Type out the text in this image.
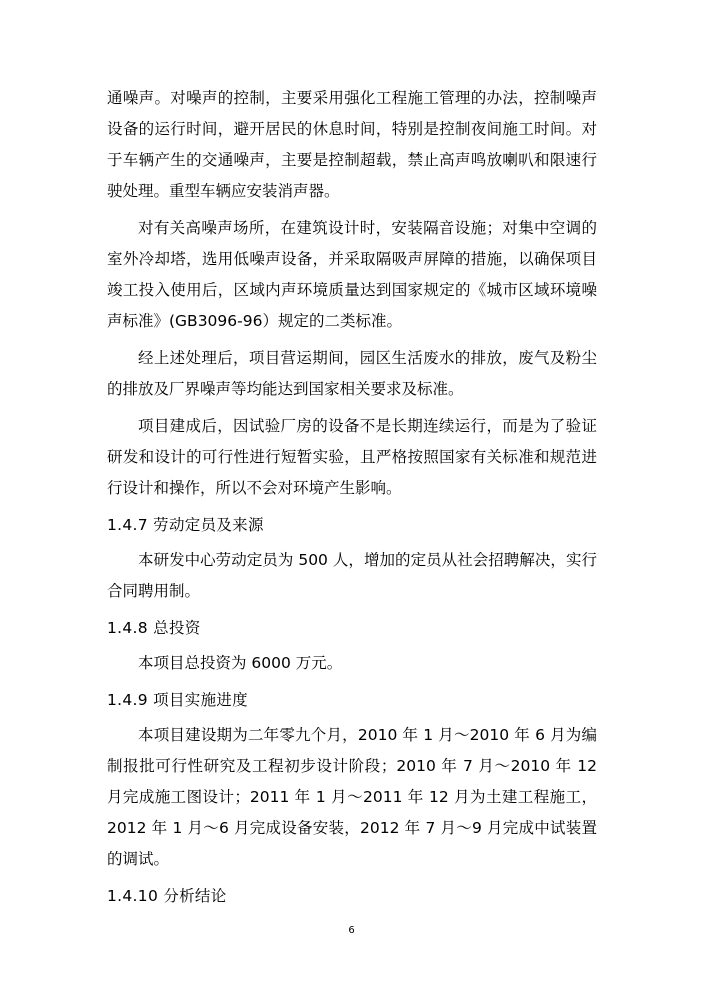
通噪声。对噪声的控制，主要采用强化工程施工管理的办法，控制噪声设备的运行时间，避开居民的休息时间，特别是控制夜间施工时间。对于车辆产生的交通噪声，主要是控制超载，禁止高声鸣放喇叭和限速行驶处理。重型车辆应安装消声器。

对有关高噪声场所，在建筑设计时，安装隔音设施；对集中空调的室外冷却塔，选用低噪声设备，并采取隔吸声屏障的措施，以确保项目竣工投入使用后，区域内声环境质量达到国家规定的《城市区域环境噪声标准》(GB3096-96）规定的二类标准。

经上述处理后，项目营运期间，园区生活废水的排放，废气及粉尘的排放及厂界噪声等均能达到国家相关要求及标准。

项目建成后，因试验厂房的设备不是长期连续运行，而是为了验证研发和设计的可行性进行短暂实验，且严格按照国家有关标准和规范进行设计和操作，所以不会对环境产生影响。

1.4.7 劳动定员及来源

本研发中心劳动定员为 500 人，增加的定员从社会招聘解决，实行合同聘用制。

1.4.8 总投资

本项目总投资为 6000 万元。

1.4.9 项目实施进度

本项目建设期为二年零九个月，2010 年 1 月～2010 年 6 月为编制报批可行性研究及工程初步设计阶段；2010 年 7 月～2010 年 12 月完成施工图设计；2011 年 1 月～2011 年 12 月为土建工程施工，2012 年 1 月～6 月完成设备安装，2012 年 7 月～9 月完成中试装置的调试。

1.4.10 分析结论
6
